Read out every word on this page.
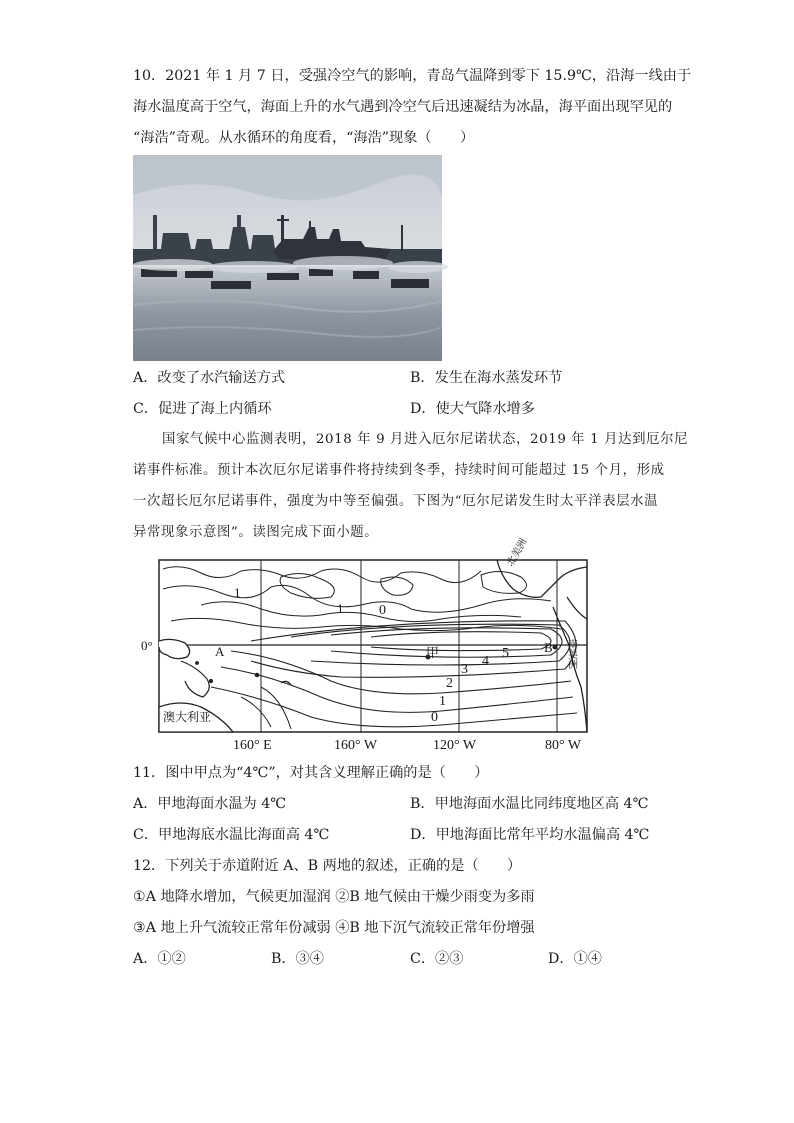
10．2021 年 1 月 7 日，受强冷空气的影响，青岛气温降到零下 15.9℃，沿海一线由于
海水温度高于空气，海面上升的水气遇到冷空气后迅速凝结为冰晶，海平面出现罕见的
“海浩”奇观。从水循环的角度看，“海浩”现象（　　）
A．改变了水汽输送方式	B．发生在海水蒸发环节
C．促进了海上内循环	D．使大气降水增多
国家气候中心监测表明，2018 年 9 月进入厄尔尼诺状态，2019 年 1 月达到厄尔尼
诺事件标准。预计本次厄尔尼诺事件将持续到冬季，持续时间可能超过 15 个月，形成
一次超长厄尔尼诺事件，强度为中等至偏强。下图为“厄尔尼诺发生时太平洋表层水温
异常现象示意图”。读图完成下面小题。
0°	A	B
甲
澳大利亚
北美洲
南美洲
1
1	0
5
4
3
2
1
0
160° E	160° W	120° W	80° W
11．图中甲点为“4℃”，对其含义理解正确的是（　　）
A．甲地海面水温为 4℃	B．甲地海面水温比同纬度地区高 4℃
C．甲地海底水温比海面高 4℃	D．甲地海面比常年平均水温偏高 4℃
12．下列关于赤道附近 A、B 两地的叙述，正确的是（　　）
①A 地降水增加，气候更加湿润 ②B 地气候由干燥少雨变为多雨
③A 地上升气流较正常年份减弱 ④B 地下沉气流较正常年份增强
A．①②	B．③④	C．②③	D．①④
